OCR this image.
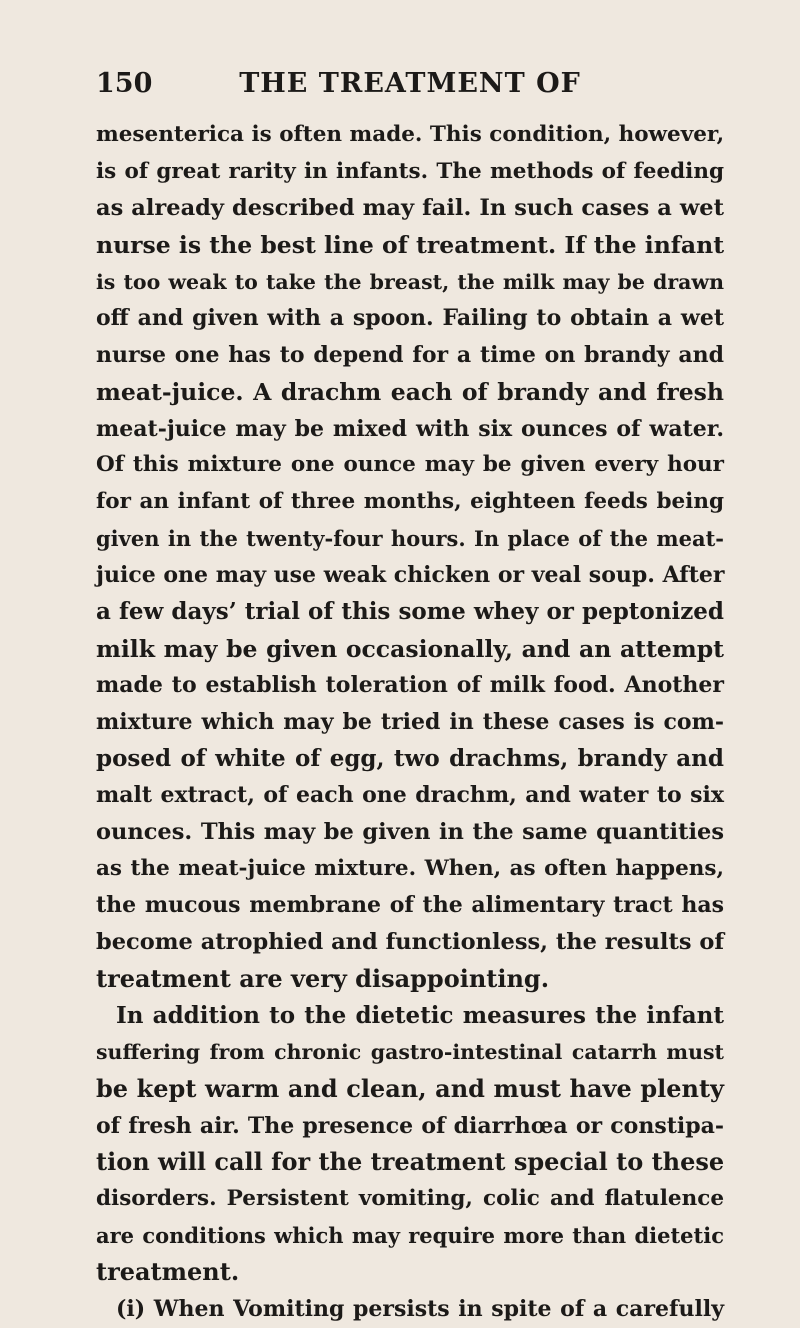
150	THE TREATMENT OF
mesenterica is often made. This condition, however,
is of great rarity in infants. The methods of feeding
as already described may fail. In such cases a wet
nurse is the best line of treatment. If the infant
is too weak to take the breast, the milk may be drawn
off and given with a spoon. Failing to obtain a wet
nurse one has to depend for a time on brandy and
meat-juice. A drachm each of brandy and fresh
meat-juice may be mixed with six ounces of water.
Of this mixture one ounce may be given every hour
for an infant of three months, eighteen feeds being
given in the twenty-four hours. In place of the meat-
juice one may use weak chicken or veal soup. After
a few days’ trial of this some whey or peptonized
milk may be given occasionally, and an attempt
made to establish toleration of milk food. Another
mixture which may be tried in these cases is com-
posed of white of egg, two drachms, brandy and
malt extract, of each one drachm, and water to six
ounces. This may be given in the same quantities
as the meat-juice mixture. When, as often happens,
the mucous membrane of the alimentary tract has
become atrophied and functionless, the results of
treatment are very disappointing.
In addition to the dietetic measures the infant
suffering from chronic gastro-intestinal catarrh must
be kept warm and clean, and must have plenty
of fresh air. The presence of diarrhœa or constipa-
tion will call for the treatment special to these
disorders. Persistent vomiting, colic and flatulence
are conditions which may require more than dietetic
treatment.
(i) When Vomiting persists in spite of a carefully
